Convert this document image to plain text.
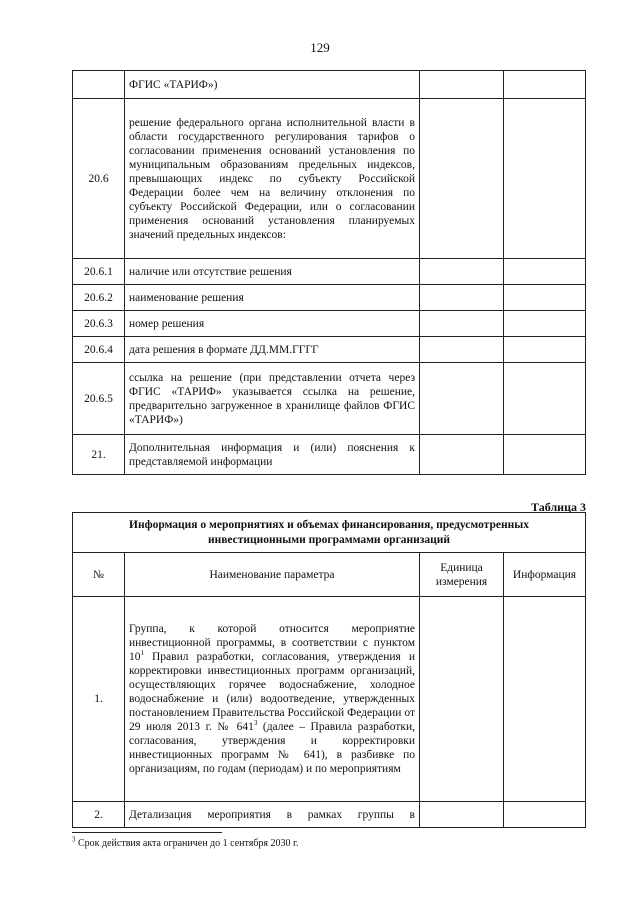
129
	ФГИС «ТАРИФ»)		
20.6	решение федерального органа исполнительной власти в области государственного регулирования тарифов о согласовании применения оснований установления по муниципальным образованиям предельных индексов, превышающих индекс по субъекту Российской Федерации более чем на величину отклонения по субъекту Российской Федерации, или о согласовании применения оснований установления планируемых значений предельных индексов:		
20.6.1	наличие или отсутствие решения		
20.6.2	наименование решения		
20.6.3	номер решения		
20.6.4	дата решения в формате ДД.ММ.ГГГГ		
20.6.5	ссылка на решение (при представлении отчета через ФГИС «ТАРИФ» указывается ссылка на решение, предварительно загруженное в хранилище файлов ФГИС «ТАРИФ»)		
21.	Дополнительная информация и (или) пояснения к представляемой информации		
Таблица 3
Информация о мероприятиях и объемах финансирования, предусмотренных инвестиционными программами организаций			
№	Наименование параметра	Единица измерения	Информация
1.	Группа, к которой относится мероприятие инвестиционной программы, в соответствии с пунктом $10^1$ Правил разработки, согласования, утверждения и корректировки инвестиционных программ организаций, осуществляющих горячее водоснабжение, холодное водоснабжение и (или) водоотведение, утвержденных постановлением Правительства Российской Федерации от 29 июля 2013 г. № $641^3$ (далее – Правила разработки, согласования, утверждения и корректировки инвестиционных программ № 641), в разбивке по организациям, по годам (периодам) и по мероприятиям		
2.	Детализация мероприятия в рамках группы в		
$^3$ Срок действия акта ограничен до 1 сентября 2030 г.
